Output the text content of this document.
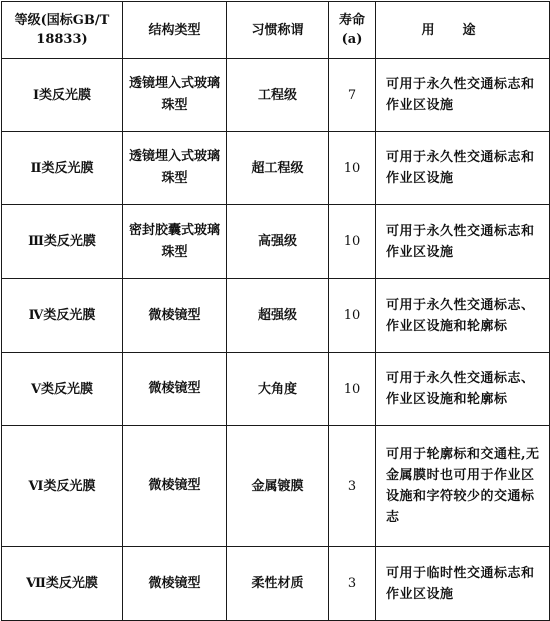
等级(国标GB/T 18833)	结构类型	习惯称谓	寿命(a)	用途
Ⅰ类反光膜	透镜埋入式玻璃珠型	工程级	7	可用于永久性交通标志和作业区设施
Ⅱ类反光膜	透镜埋入式玻璃珠型	超工程级	10	可用于永久性交通标志和作业区设施
Ⅲ类反光膜	密封胶囊式玻璃珠型	高强级	10	可用于永久性交通标志和作业区设施
Ⅳ类反光膜	微棱镜型	超强级	10	可用于永久性交通标志、作业区设施和轮廓标
Ⅴ类反光膜	微棱镜型	大角度	10	可用于永久性交通标志、作业区设施和轮廓标
Ⅵ类反光膜	微棱镜型	金属镀膜	3	可用于轮廓标和交通柱,无金属膜时也可用于作业区设施和字符较少的交通标志
Ⅶ类反光膜	微棱镜型	柔性材质	3	可用于临时性交通标志和作业区设施
